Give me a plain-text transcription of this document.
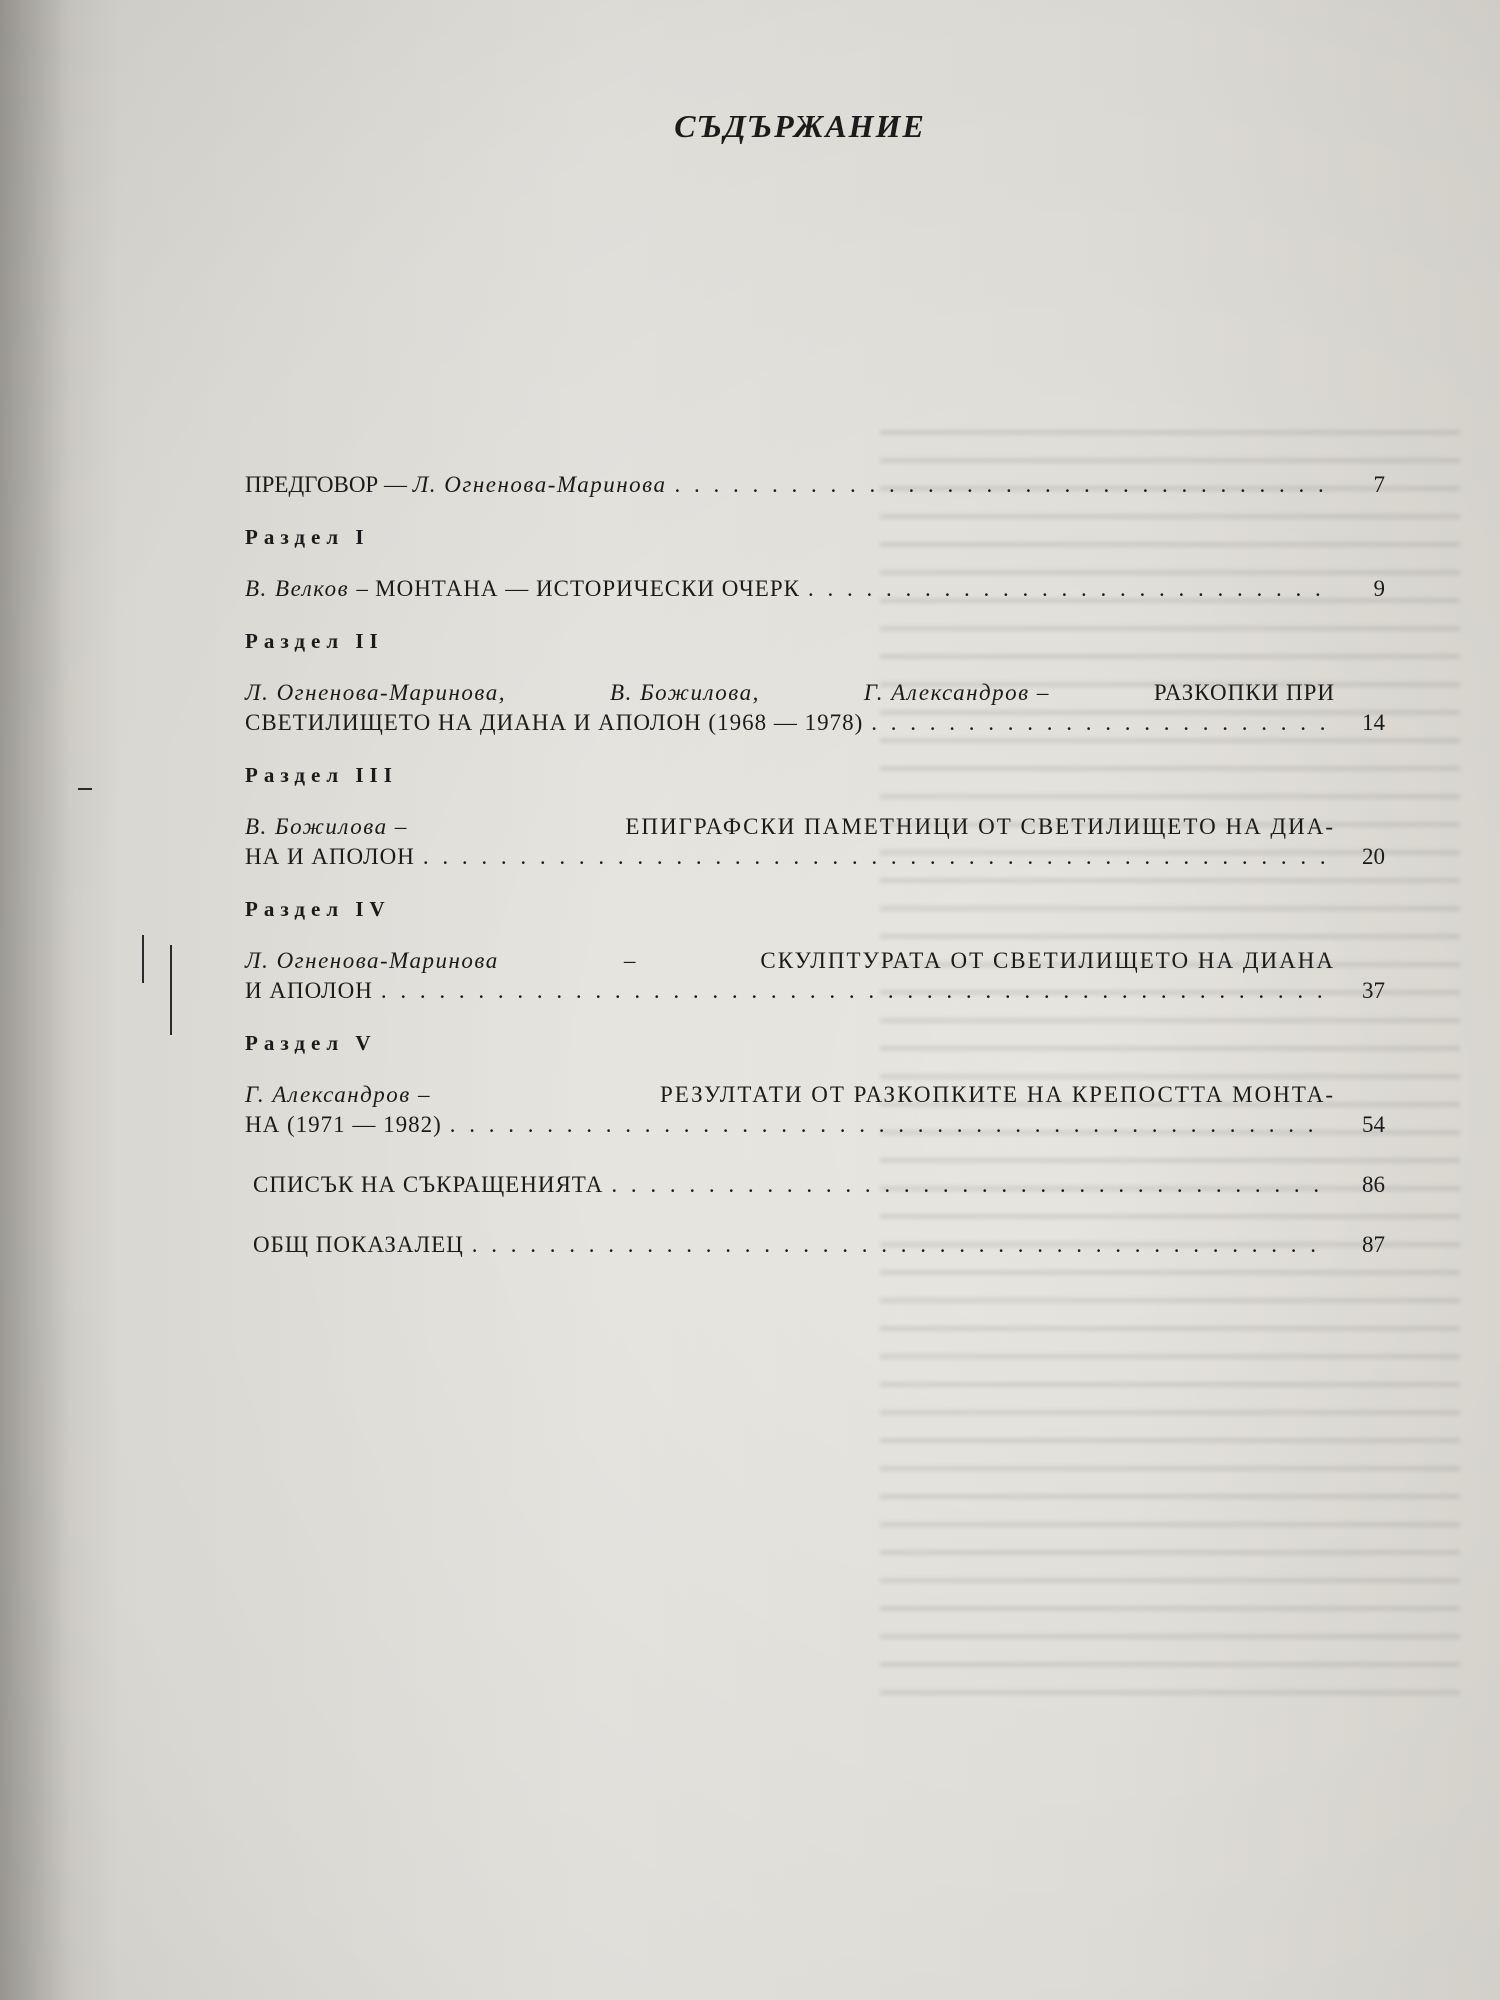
СЪДЪРЖАНИЕ
ПРЕДГОВОР — Л. Огненова-Маринова . . .	7
Раздел I
В. Велков – МОНТАНА — ИСТОРИЧЕСКИ ОЧЕРК . . .	9
Раздел II
Л. Огненова-Маринова,	В. Божилова,	Г. Александров –	РАЗКОПКИ ПРИ
СВЕТИЛИЩЕТО НА ДИАНА И АПОЛОН (1968 — 1978) . . .	14
Раздел III
В. Божилова –	ЕПИГРАФСКИ ПАМЕТНИЦИ ОТ СВЕТИЛИЩЕТО НА ДИА-
НА И АПОЛОН . . .	20
Раздел IV
Л. Огненова-Маринова	–	СКУЛПТУРАТА ОТ СВЕТИЛИЩЕТО НА ДИАНА
И АПОЛОН . . .	37
Раздел V
Г. Александров –	РЕЗУЛТАТИ ОТ РАЗКОПКИТЕ НА КРЕПОСТТА МОНТА-
НА (1971 — 1982) . . .	54
СПИСЪК НА СЪКРАЩЕНИЯТА . . .	86
ОБЩ ПОКАЗАЛЕЦ . . .	87
